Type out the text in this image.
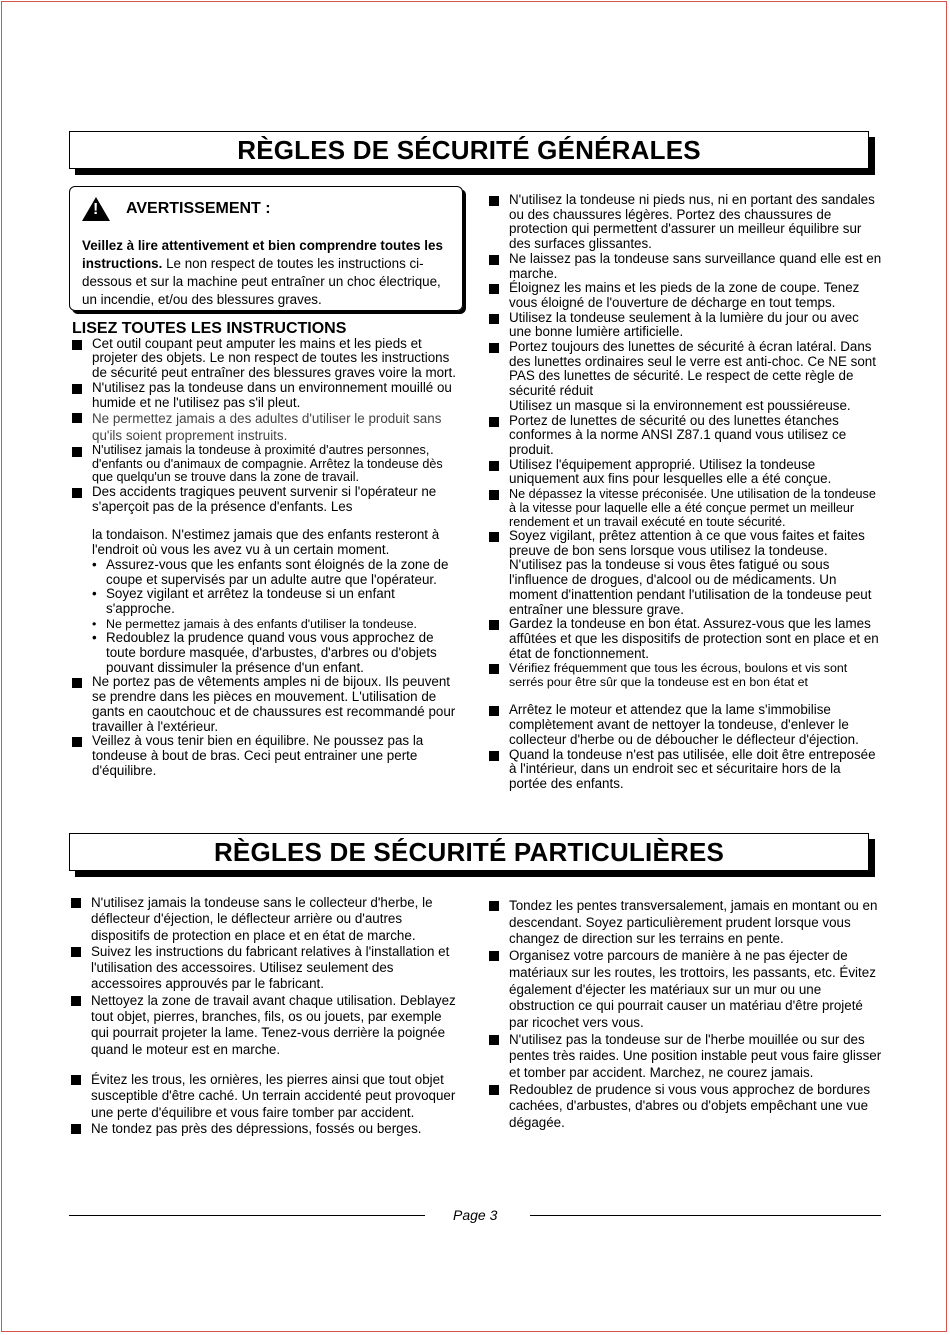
RÈGLES DE SÉCURITÉ GÉNÉRALES
!
AVERTISSEMENT :
Veillez à lire attentivement et bien comprendre toutes les instructions. Le non respect de toutes les instructions ci-dessous et sur la machine peut entraîner un choc électrique, un incendie, et/ou des blessures graves.
LISEZ TOUTES LES INSTRUCTIONS
Cet outil coupant peut amputer les mains et les pieds et projeter des objets. Le non respect de toutes les instructions de sécurité peut entraîner des blessures graves voire la mort.
N'utilisez pas la tondeuse dans un environnement mouillé ou humide et ne l'utilisez pas s'il pleut.
Ne permettez jamais a des adultes d'utiliser le produit sans qu'ils soient proprement instruits.
N'utilisez jamais la tondeuse à proximité d'autres personnes, d'enfants ou d'animaux de compagnie. Arrêtez la tondeuse dès que quelqu'un se trouve dans la zone de travail.
Des accidents tragiques peuvent survenir si l'opérateur ne s'aperçoit pas de la présence d'enfants. Les
la tondaison. N'estimez jamais que des enfants resteront à l'endroit où vous les avez vu à un certain moment.
• Assurez-vous que les enfants sont éloignés de la zone de coupe et supervisés par un adulte autre que l'opérateur.
• Soyez vigilant et arrêtez la tondeuse si un enfant s'approche.
• Ne permettez jamais à des enfants d'utiliser la tondeuse.
• Redoublez la prudence quand vous vous approchez de toute bordure masquée, d'arbustes, d'arbres ou d'objets pouvant dissimuler la présence d'un enfant.
Ne portez pas de vêtements amples ni de bijoux. Ils peuvent se prendre dans les pièces en mouvement. L'utilisation de gants en caoutchouc et de chaussures est recommandé pour travailler à l'extérieur.
Veillez à vous tenir bien en équilibre. Ne poussez pas la tondeuse à bout de bras. Ceci peut entrainer une perte d'équilibre.
N'utilisez la tondeuse ni pieds nus, ni en portant des sandales ou des chaussures légères. Portez des chaussures de protection qui permettent d'assurer un meilleur équilibre sur des surfaces glissantes.
Ne laissez pas la tondeuse sans surveillance quand elle est en marche.
Éloignez les mains et les pieds de la zone de coupe. Tenez vous éloigné de l'ouverture de décharge en tout temps.
Utilisez la tondeuse seulement à la lumière du jour ou avec une bonne lumière artificielle.
Portez toujours des lunettes de sécurité à écran latéral. Dans des lunettes ordinaires seul le verre est anti-choc. Ce NE sont PAS des lunettes de sécurité. Le respect de cette règle de sécurité réduit
Utilisez un masque si la environnement est poussiéreuse.
Portez de lunettes de sécurité ou des lunettes étanches conformes à la norme ANSI Z87.1 quand vous utilisez ce produit.
Utilisez l'équipement approprié. Utilisez la tondeuse uniquement aux fins pour lesquelles elle a été conçue.
Ne dépassez la vitesse préconisée. Une utilisation de la tondeuse à la vitesse pour laquelle elle a été conçue permet un meilleur rendement et un travail exécuté en toute sécurité.
Soyez vigilant, prêtez attention à ce que vous faites et faites preuve de bon sens lorsque vous utilisez la tondeuse. N'utilisez pas la tondeuse si vous êtes fatigué ou sous l'influence de drogues, d'alcool ou de médicaments. Un moment d'inattention pendant l'utilisation de la tondeuse peut entraîner une blessure grave.
Gardez la tondeuse en bon état. Assurez-vous que les lames affûtées et que les dispositifs de protection sont en place et en état de fonctionnement.
Vérifiez fréquemment que tous les écrous, boulons et vis sont serrés pour être sûr que la tondeuse est en bon état et
Arrêtez le moteur et attendez que la lame s'immobilise complètement avant de nettoyer la tondeuse, d'enlever le collecteur d'herbe ou de déboucher le déflecteur d'éjection.
Quand la tondeuse n'est pas utilisée, elle doit être entreposée à l'intérieur, dans un endroit sec et sécuritaire hors de la portée des enfants.
RÈGLES DE SÉCURITÉ PARTICULIÈRES
N'utilisez jamais la tondeuse sans le collecteur d'herbe, le déflecteur d'éjection, le déflecteur arrière ou d'autres dispositifs de protection en place et en état de marche.
Suivez les instructions du fabricant relatives à l'installation et l'utilisation des accessoires. Utilisez seulement des accessoires approuvés par le fabricant.
Nettoyez la zone de travail avant chaque utilisation. Deblayez tout objet, pierres, branches, fils, os ou jouets, par exemple qui pourrait projeter la lame. Tenez-vous derrière la poignée quand le moteur est en marche.
Évitez les trous, les ornières, les pierres ainsi que tout objet susceptible d'être caché. Un terrain accidenté peut provoquer une perte d'équilibre et vous faire tomber par accident.
Ne tondez pas près des dépressions, fossés ou berges.
Tondez les pentes transversalement, jamais en montant ou en descendant. Soyez particulièrement prudent lorsque vous changez de direction sur les terrains en pente.
Organisez votre parcours de manière à ne pas éjecter de matériaux sur les routes, les trottoirs, les passants, etc. Évitez également d'éjecter les matériaux sur un mur ou une obstruction ce qui pourrait causer un matériau d'être projeté par ricochet vers vous.
N'utilisez pas la tondeuse sur de l'herbe mouillée ou sur des pentes très raides. Une position instable peut vous faire glisser et tomber par accident. Marchez, ne courez jamais.
Redoublez de prudence si vous vous approchez de bordures cachées, d'arbustes, d'abres ou d'objets empêchant une vue dégagée.
Page 3
